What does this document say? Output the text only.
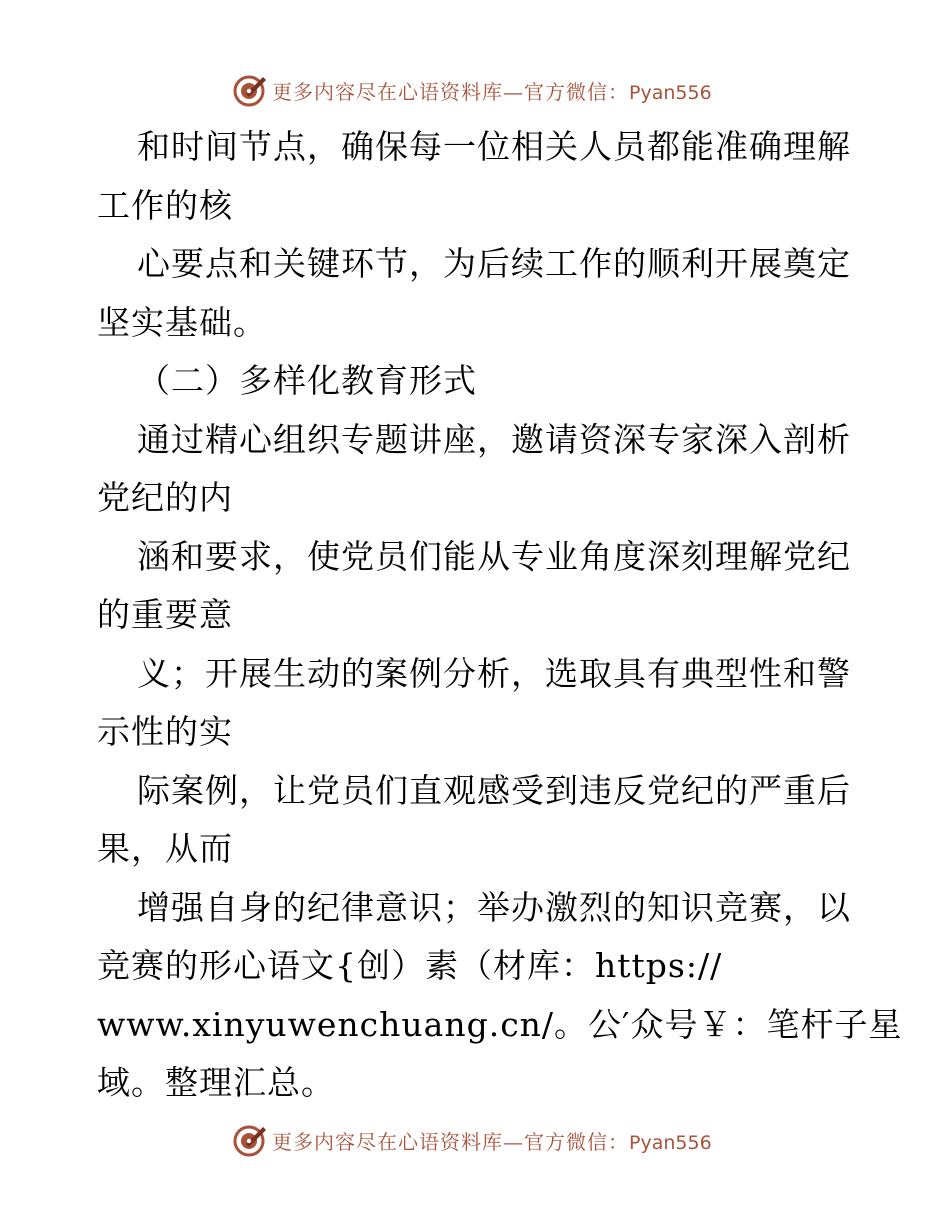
更多内容尽在心语资料库—官方微信：Pyan556
和时间节点，确保每一位相关人员都能准确理解
工作的核
心要点和关键环节，为后续工作的顺利开展奠定
坚实基础。
（二）多样化教育形式
通过精心组织专题讲座，邀请资深专家深入剖析
党纪的内
涵和要求，使党员们能从专业角度深刻理解党纪
的重要意
义；开展生动的案例分析，选取具有典型性和警
示性的实
际案例，让党员们直观感受到违反党纪的严重后
果，从而
增强自身的纪律意识；举办激烈的知识竞赛，以
竞赛的形心语文{创）素（材库：https://
www.xinyuwenchuang.cn/。公′众号￥：笔杆子星
域。整理汇总。
更多内容尽在心语资料库—官方微信：Pyan556
